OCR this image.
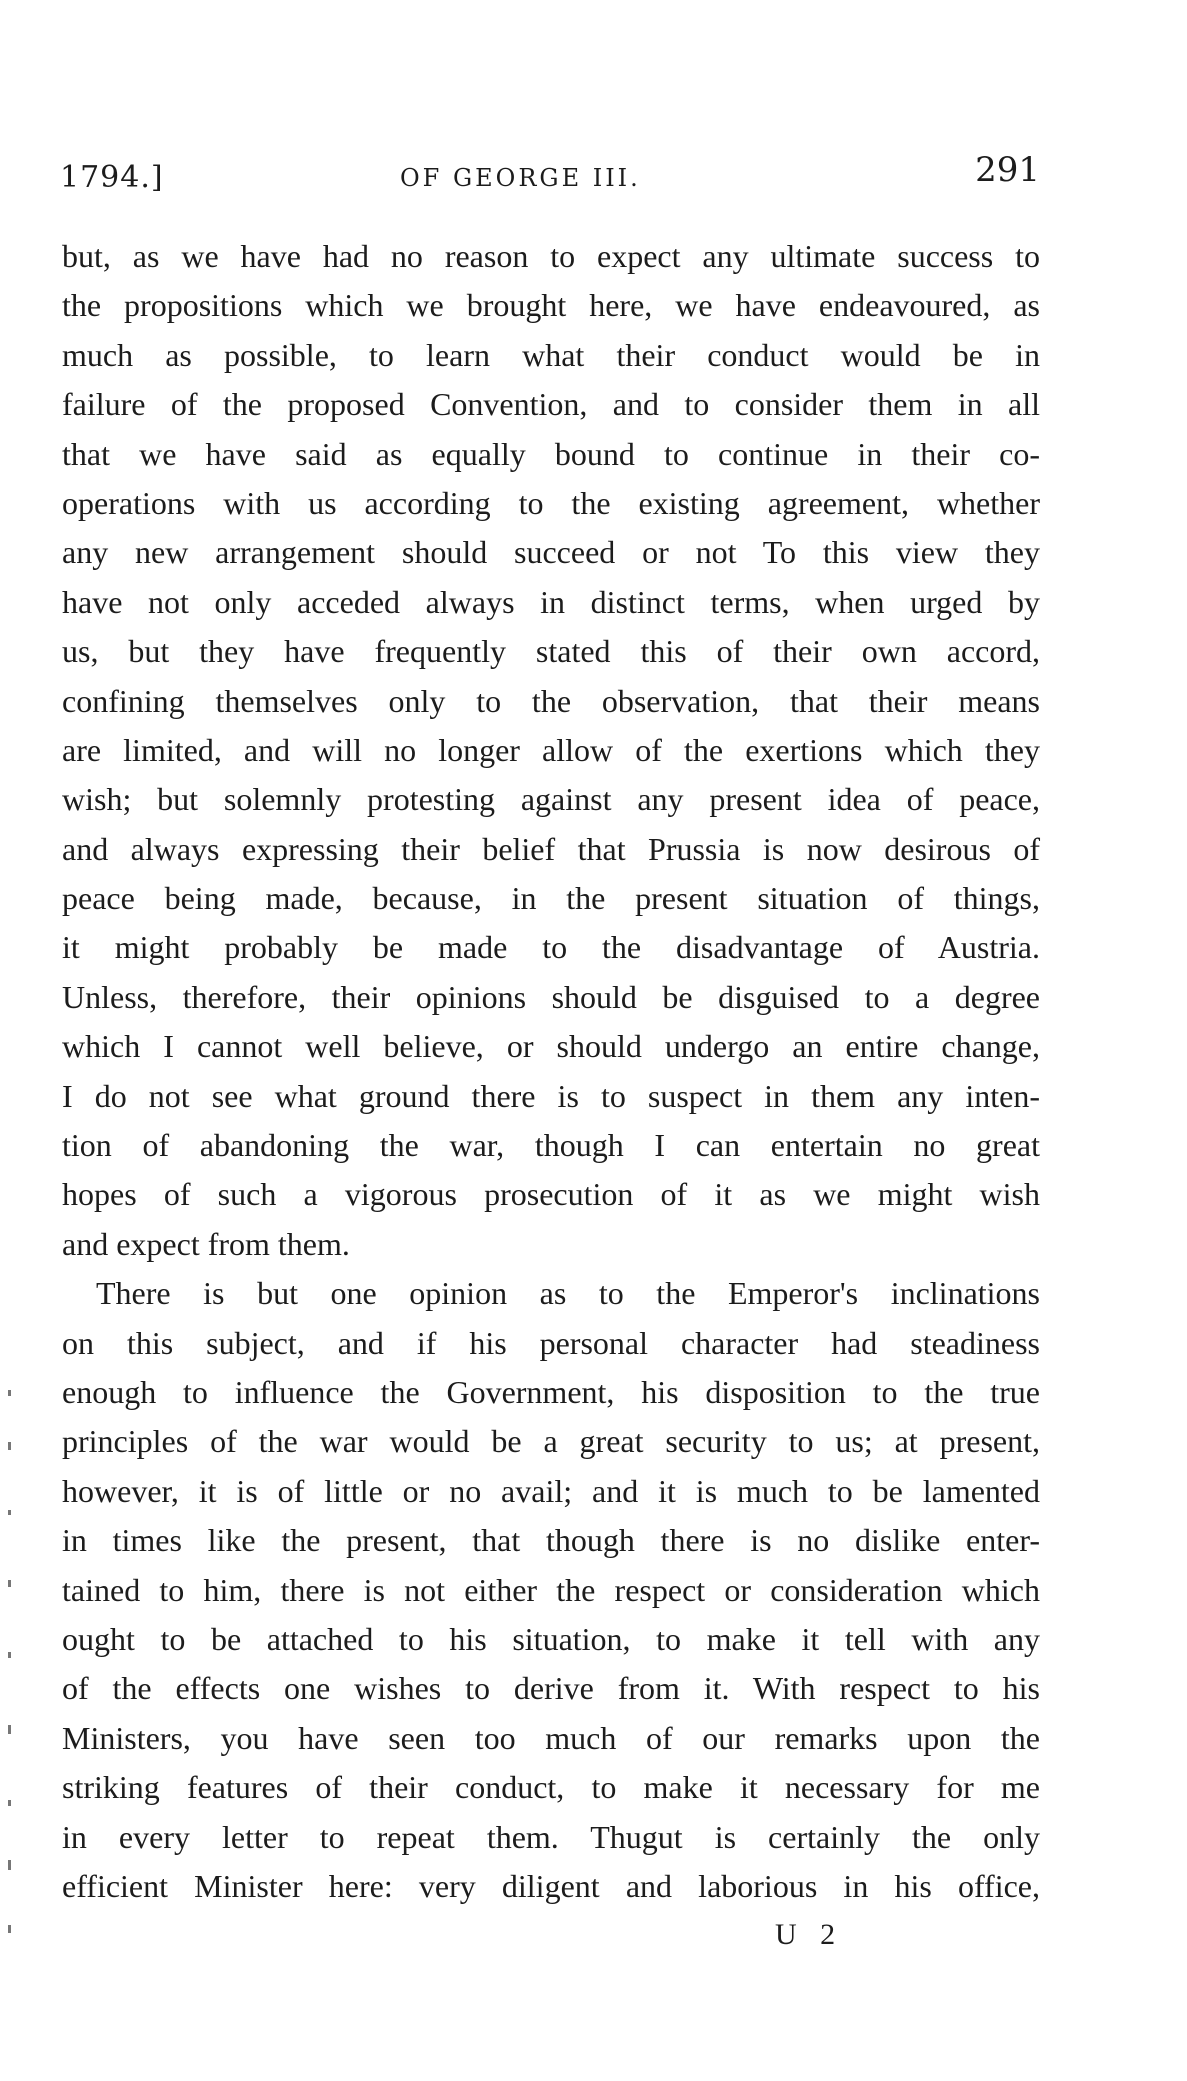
1794.]	OF GEORGE III.	291
but, as we have had no reason to expect any ultimate success to
the propositions which we brought here, we have endeavoured, as
much as possible, to learn what their conduct would be in
failure of the proposed Convention, and to consider them in all
that we have said as equally bound to continue in their co-
operations with us according to the existing agreement, whether
any new arrangement should succeed or not To this view they
have not only acceded always in distinct terms, when urged by
us, but they have frequently stated this of their own accord,
confining themselves only to the observation, that their means
are limited, and will no longer allow of the exertions which they
wish; but solemnly protesting against any present idea of peace,
and always expressing their belief that Prussia is now desirous of
peace being made, because, in the present situation of things,
it might probably be made to the disadvantage of Austria.
Unless, therefore, their opinions should be disguised to a degree
which I cannot well believe, or should undergo an entire change,
I do not see what ground there is to suspect in them any inten-
tion of abandoning the war, though I can entertain no great
hopes of such a vigorous prosecution of it as we might wish
and expect from them.
There is but one opinion as to the Emperor's inclinations
on this subject, and if his personal character had steadiness
enough to influence the Government, his disposition to the true
principles of the war would be a great security to us; at present,
however, it is of little or no avail; and it is much to be lamented
in times like the present, that though there is no dislike enter-
tained to him, there is not either the respect or consideration which
ought to be attached to his situation, to make it tell with any
of the effects one wishes to derive from it. With respect to his
Ministers, you have seen too much of our remarks upon the
striking features of their conduct, to make it necessary for me
in every letter to repeat them. Thugut is certainly the only
efficient Minister here: very diligent and laborious in his office,
U 2
